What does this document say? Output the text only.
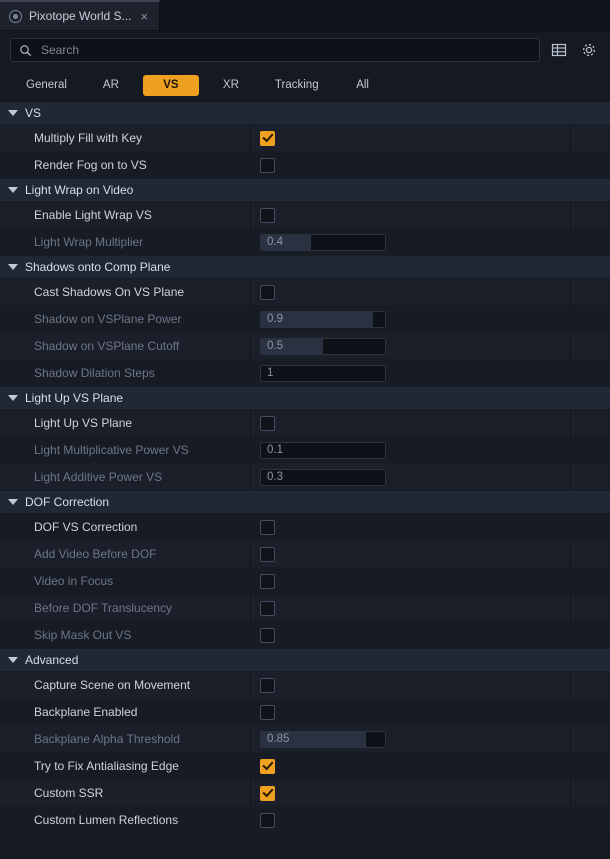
Pixotope World S... ×
Search
General	AR	VS	XR	Tracking	All
VS
Multiply Fill with Key
Render Fog on to VS
Light Wrap on Video
Enable Light Wrap VS
Light Wrap Multiplier	0.4
Shadows onto Comp Plane
Cast Shadows On VS Plane
Shadow on VSPlane Power	0.9
Shadow on VSPlane Cutoff	0.5
Shadow Dilation Steps	1
Light Up VS Plane
Light Up VS Plane
Light Multiplicative Power VS	0.1
Light Additive Power VS	0.3
DOF Correction
DOF VS Correction
Add Video Before DOF
Video in Focus
Before DOF Translucency
Skip Mask Out VS
Advanced
Capture Scene on Movement
Backplane Enabled
Backplane Alpha Threshold	0.85
Try to Fix Antialiasing Edge
Custom SSR
Custom Lumen Reflections
